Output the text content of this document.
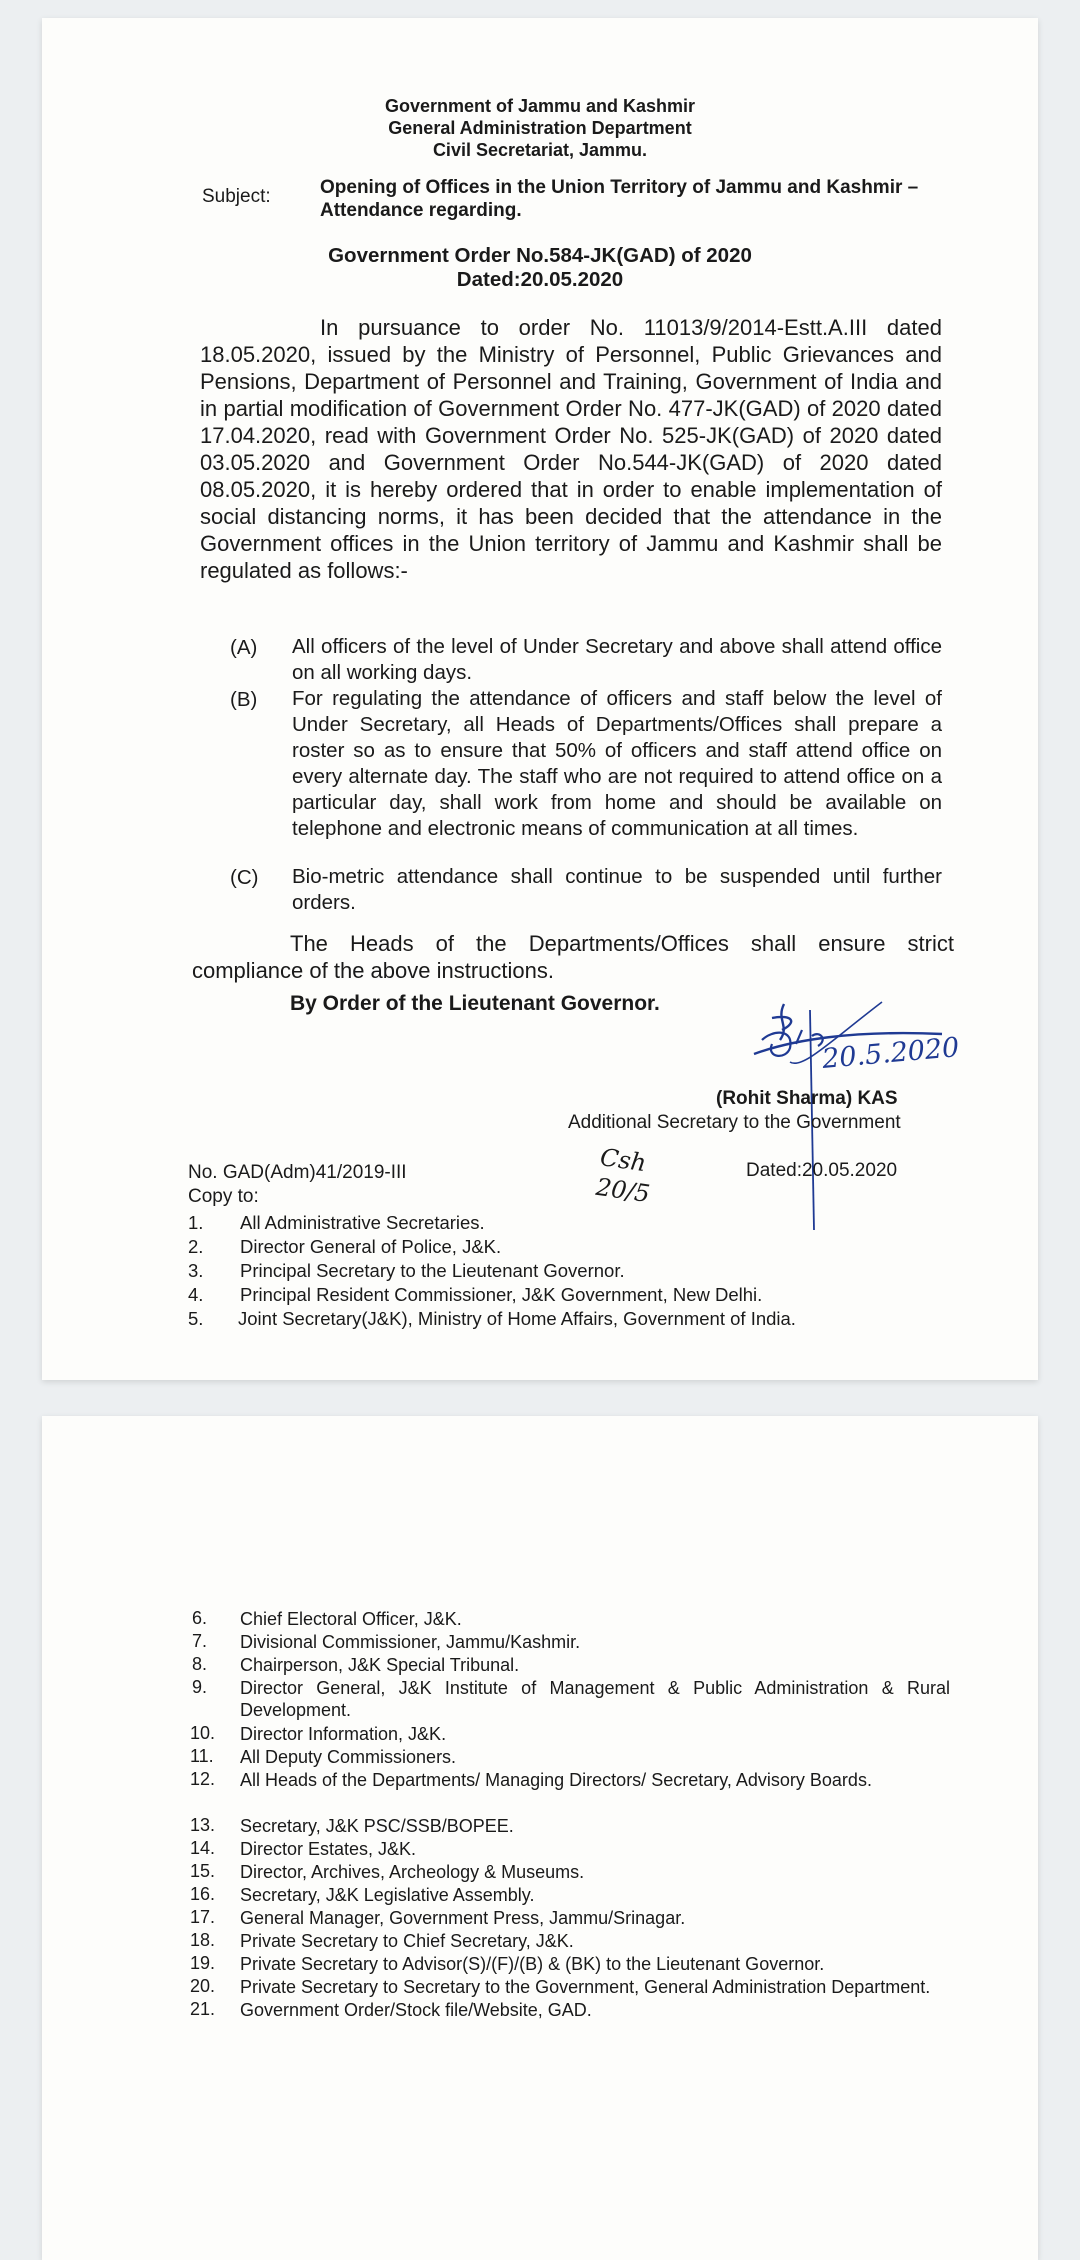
Government of Jammu and Kashmir
General Administration Department
Civil Secretariat, Jammu.
Subject:	Opening of Offices in the Union Territory of Jammu and Kashmir – Attendance regarding.
Government Order No.584-JK(GAD) of 2020
Dated:20.05.2020
In pursuance to order No. 11013/9/2014-Estt.A.III dated 18.05.2020, issued by the Ministry of Personnel, Public Grievances and Pensions, Department of Personnel and Training, Government of India and in partial modification of Government Order No. 477-JK(GAD) of 2020 dated 17.04.2020, read with Government Order No. 525-JK(GAD) of 2020 dated 03.05.2020 and Government Order No.544-JK(GAD) of 2020 dated 08.05.2020, it is hereby ordered that in order to enable implementation of social distancing norms, it has been decided that the attendance in the Government offices in the Union territory of Jammu and Kashmir shall be regulated as follows:-
(A) All officers of the level of Under Secretary and above shall attend office on all working days.
(B) For regulating the attendance of officers and staff below the level of Under Secretary, all Heads of Departments/Offices shall prepare a roster so as to ensure that 50% of officers and staff attend office on every alternate day. The staff who are not required to attend office on a particular day, shall work from home and should be available on telephone and electronic means of communication at all times.
(C) Bio-metric attendance shall continue to be suspended until further orders.
The Heads of the Departments/Offices shall ensure strict compliance of the above instructions.
By Order of the Lieutenant Governor.
20.5.2020
(Rohit Sharma) KAS
Additional Secretary to the Government
Csh 20/5
No. GAD(Adm)41/2019-III	Dated:20.05.2020
Copy to:
1. All Administrative Secretaries.
2. Director General of Police, J&K.
3. Principal Secretary to the Lieutenant Governor.
4. Principal Resident Commissioner, J&K Government, New Delhi.
5. Joint Secretary(J&K), Ministry of Home Affairs, Government of India.
6. Chief Electoral Officer, J&K.
7. Divisional Commissioner, Jammu/Kashmir.
8. Chairperson, J&K Special Tribunal.
9. Director General, J&K Institute of Management & Public Administration & Rural Development.
10. Director Information, J&K.
11. All Deputy Commissioners.
12. All Heads of the Departments/ Managing Directors/ Secretary, Advisory Boards.
13. Secretary, J&K PSC/SSB/BOPEE.
14. Director Estates, J&K.
15. Director, Archives, Archeology & Museums.
16. Secretary, J&K Legislative Assembly.
17. General Manager, Government Press, Jammu/Srinagar.
18. Private Secretary to Chief Secretary, J&K.
19. Private Secretary to Advisor(S)/(F)/(B) & (BK) to the Lieutenant Governor.
20. Private Secretary to Secretary to the Government, General Administration Department.
21. Government Order/Stock file/Website, GAD.
